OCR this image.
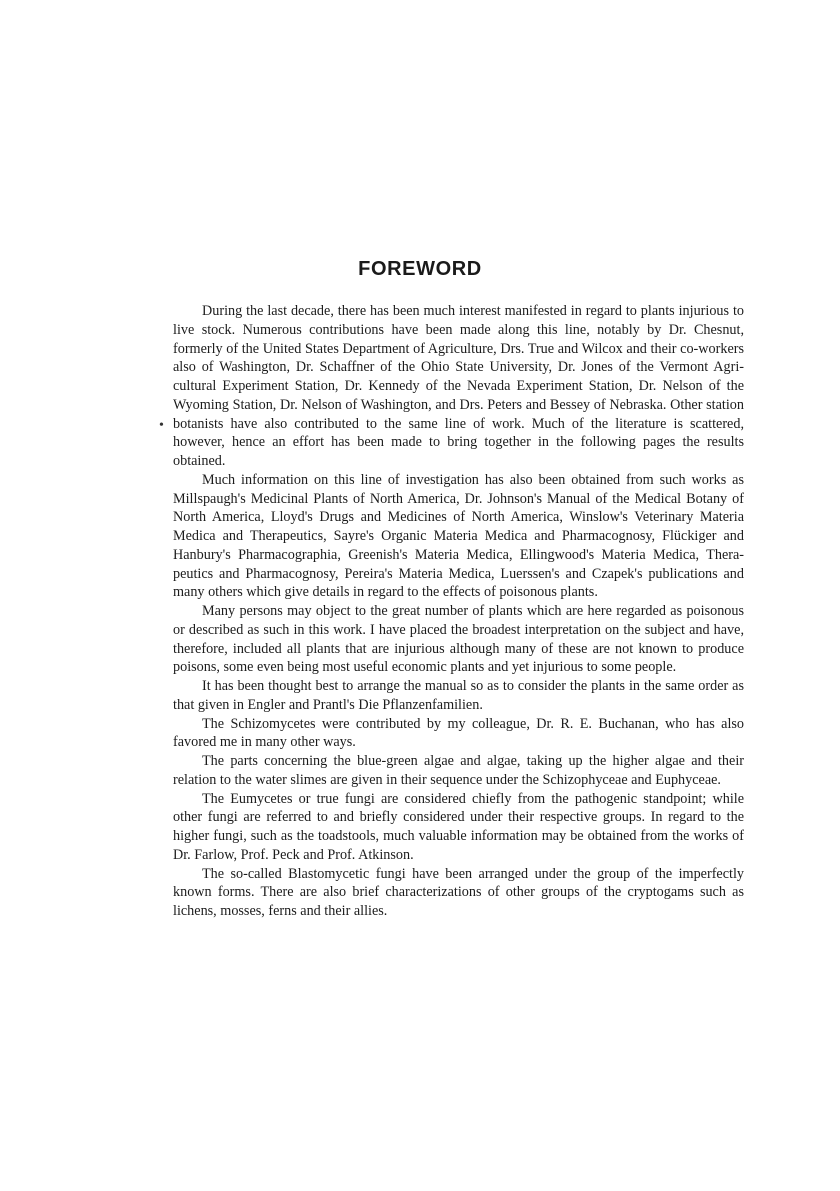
FOREWORD
•

During the last decade, there has been much interest manifested in regard to plants injurious to live stock. Numerous contributions have been made along this line, notably by Dr. Chesnut, formerly of the United States Department of Agriculture, Drs. True and Wilcox and their co-workers also of Washington, Dr. Schaffner of the Ohio State University, Dr. Jones of the Vermont Agricultural Experiment Station, Dr. Kennedy of the Nevada Experiment Station, Dr. Nelson of the Wyoming Station, Dr. Nelson of Washington, and Drs. Peters and Bessey of Nebraska. Other station botanists have also contributed to the same line of work. Much of the literature is scattered, however, hence an effort has been made to bring together in the following pages the results obtained.

Much information on this line of investigation has also been obtained from such works as Millspaugh's Medicinal Plants of North America, Dr. Johnson's Manual of the Medical Botany of North America, Lloyd's Drugs and Medicines of North America, Winslow's Veterinary Materia Medica and Therapeutics, Sayre's Organic Materia Medica and Pharmacognosy, Flückiger and Hanbury's Pharmacographia, Greenish's Materia Medica, Ellingwood's Materia Medica, Therapeutics and Pharmacognosy, Pereira's Materia Medica, Luerssen's and Czapek's publications and many others which give details in regard to the effects of poisonous plants.

Many persons may object to the great number of plants which are here regarded as poisonous or described as such in this work. I have placed the broadest interpretation on the subject and have, therefore, included all plants that are injurious although many of these are not known to produce poisons, some even being most useful economic plants and yet injurious to some people.

It has been thought best to arrange the manual so as to consider the plants in the same order as that given in Engler and Prantl's Die Pflanzenfamilien.

The Schizomycetes were contributed by my colleague, Dr. R. E. Buchanan, who has also favored me in many other ways.

The parts concerning the blue-green algae and algae, taking up the higher algae and their relation to the water slimes are given in their sequence under the Schizophyceae and Euphyceae.

The Eumycetes or true fungi are considered chiefly from the pathogenic standpoint; while other fungi are referred to and briefly considered under their respective groups. In regard to the higher fungi, such as the toadstools, much valuable information may be obtained from the works of Dr. Farlow, Prof. Peck and Prof. Atkinson.

The so-called Blastomycetic fungi have been arranged under the group of the imperfectly known forms. There are also brief characterizations of other groups of the cryptogams such as lichens, mosses, ferns and their allies.
